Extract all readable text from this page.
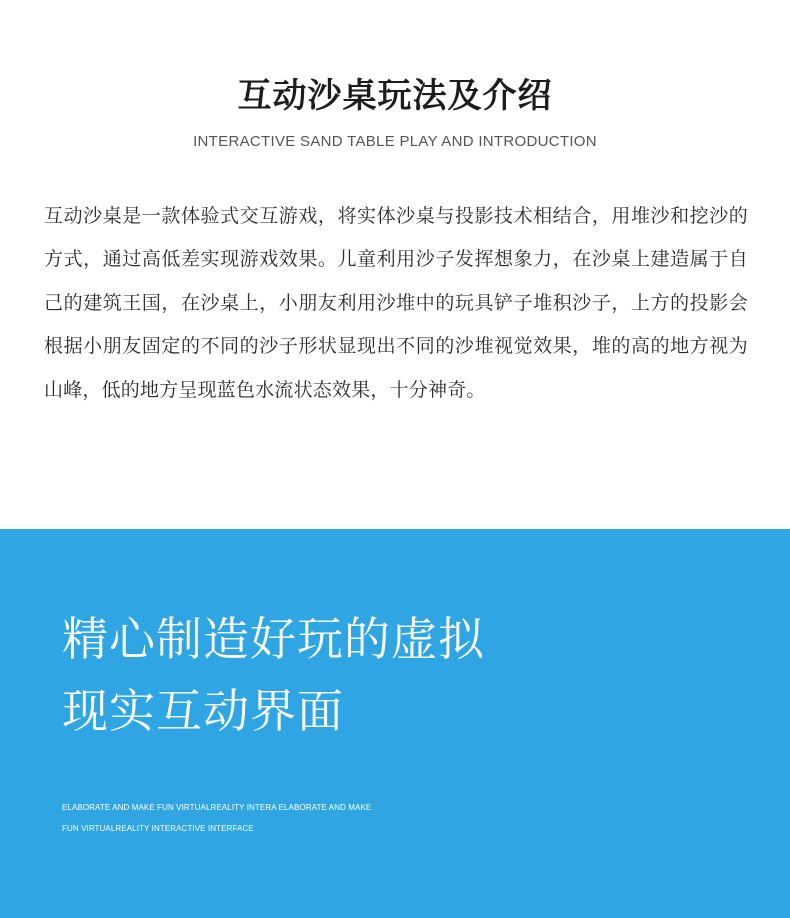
互动沙桌玩法及介绍
INTERACTIVE SAND TABLE PLAY AND INTRODUCTION

互动沙桌是一款体验式交互游戏，将实体沙桌与投影技术相结合，用堆沙和挖沙的方式，通过高低差实现游戏效果。儿童利用沙子发挥想象力，在沙桌上建造属于自己的建筑王国，在沙桌上，小朋友利用沙堆中的玩具铲子堆积沙子，上方的投影会根据小朋友固定的不同的沙子形状显现出不同的沙堆视觉效果，堆的高的地方视为山峰，低的地方呈现蓝色水流状态效果，十分神奇。

精心制造好玩的虚拟
现实互动界面
ELABORATE AND MAKE FUN VIRTUALREALITY INTERA ELABORATE AND MAKE
FUN VIRTUALREALITY INTERACTIVE INTERFACE
